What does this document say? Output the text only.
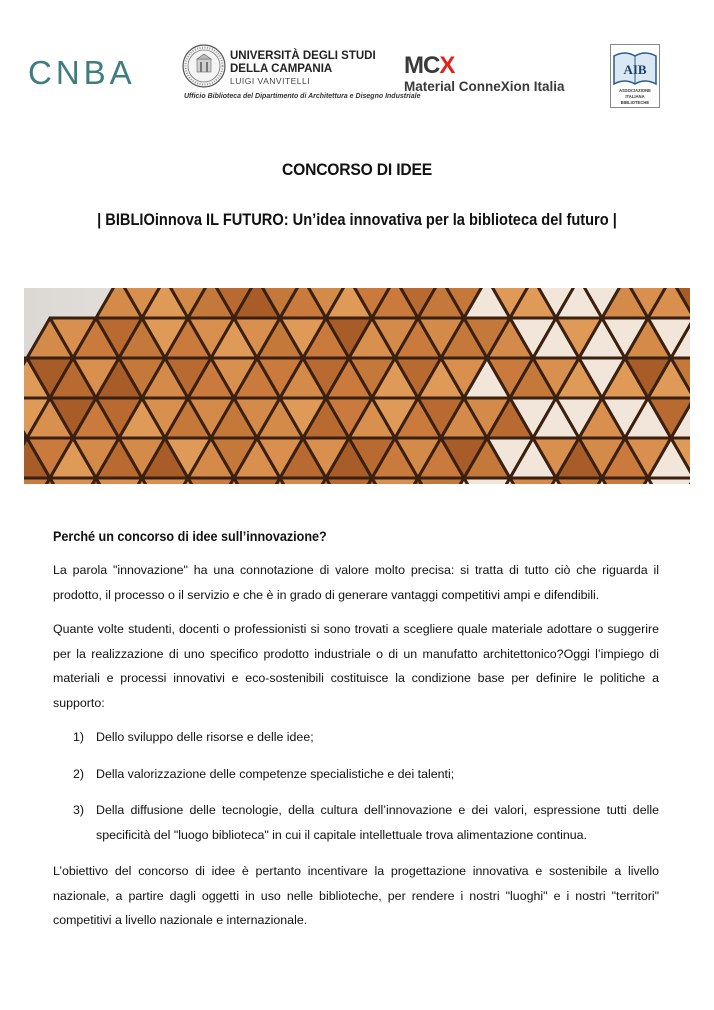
CNBA	UNIVERSITÀ DEGLI STUDI
DELLA CAMPANIA
LUIGI VANVITELLI
Ufficio Biblioteca del Dipartimento di Architettura e Disegno Industriale
MCX
Material ConneXion Italia
AIB
ASSOCIAZIONE
ITALIANA
BIBLIOTECHE
CONCORSO DI IDEE
| BIBLIOinnova IL FUTURO: Un’idea innovativa per la biblioteca del futuro |
Perché un concorso di idee sull’innovazione?

La parola "innovazione" ha una connotazione di valore molto precisa: si tratta di tutto ciò che riguarda il prodotto, il processo o il servizio e che è in grado di generare vantaggi competitivi ampi e difendibili.

Quante volte studenti, docenti o professionisti si sono trovati a scegliere quale materiale adottare o suggerire per la realizzazione di uno specifico prodotto industriale o di un manufatto architettonico?Oggi l’impiego di materiali e processi innovativi e eco-sostenibili costituisce la condizione base per definire le politiche a supporto:

1) Dello sviluppo delle risorse e delle idee;
2) Della valorizzazione delle competenze specialistiche e dei talenti;
3) Della diffusione delle tecnologie, della cultura dell’innovazione e dei valori, espressione tutti delle specificità del "luogo biblioteca" in cui il capitale intellettuale trova alimentazione continua.

L’obiettivo del concorso di idee è pertanto incentivare la progettazione innovativa e sostenibile a livello nazionale, a partire dagli oggetti in uso nelle biblioteche, per rendere i nostri "luoghi" e i nostri "territori" competitivi a livello nazionale e internazionale.
